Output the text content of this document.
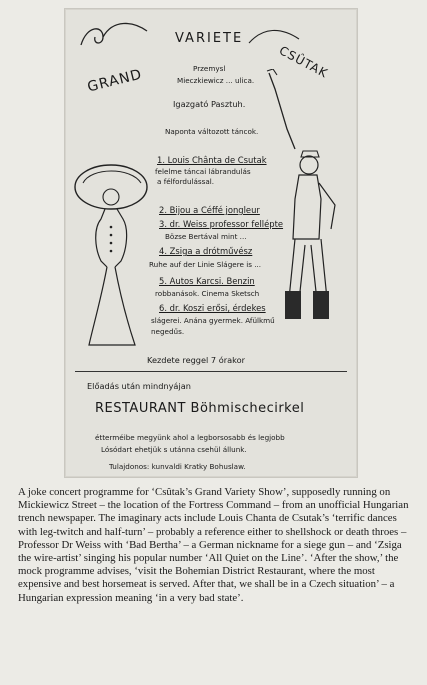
GRAND
VARIETE
CSÛTAK
Przemysl
Mieczkiewicz ... ulica.
Igazgató Pasztuh.
Naponta változott táncok.
1. Louis Chânta de Csutak
felelme táncai lábrandulás
a félfordulással.
2. Bijou a Céffé jongleur
3. dr. Weiss professor fellépte
Bözse Bertával mint ...
4. Zsiga a drótművész
Ruhe auf der Linie Slágere is ...
5. Autos Karcsi. Benzin
robbanások. Cinema Sketsch
6. dr. Koszi erősi, érdekes
slágerei. Anána gyermek. Afülkmű
negedűs.
Kezdete reggel 7 órakor
Előadás után mindnyájan
RESTAURANT Böhmischecirkel
étterméibe megyünk ahol a legborsosabb és legjobb
Lósódart ehetjük s utánna csehül állunk.
Tulajdonos: kunvaldi Kratky Bohuslaw.
A joke concert programme for ‘Csûtak’s Grand Variety Show’, supposedly running on Mickiewicz Street – the location of the Fortress Command – from an unofficial Hungarian trench newspaper. The imaginary acts include Louis Chanta de Csutak’s ‘terrific dances with leg-twitch and half-turn’ – probably a reference either to shellshock or death throes – Professor Dr Weiss with ‘Bad Bertha’ – a German nickname for a siege gun – and ‘Zsiga the wire-artist’ singing his popular number ‘All Quiet on the Line’. ‘After the show,’ the mock programme advises, ‘visit the Bohemian District Restaurant, where the most expensive and best horsemeat is served. After that, we shall be in a Czech situation’ – a Hungarian expression meaning ‘in a very bad state’.
